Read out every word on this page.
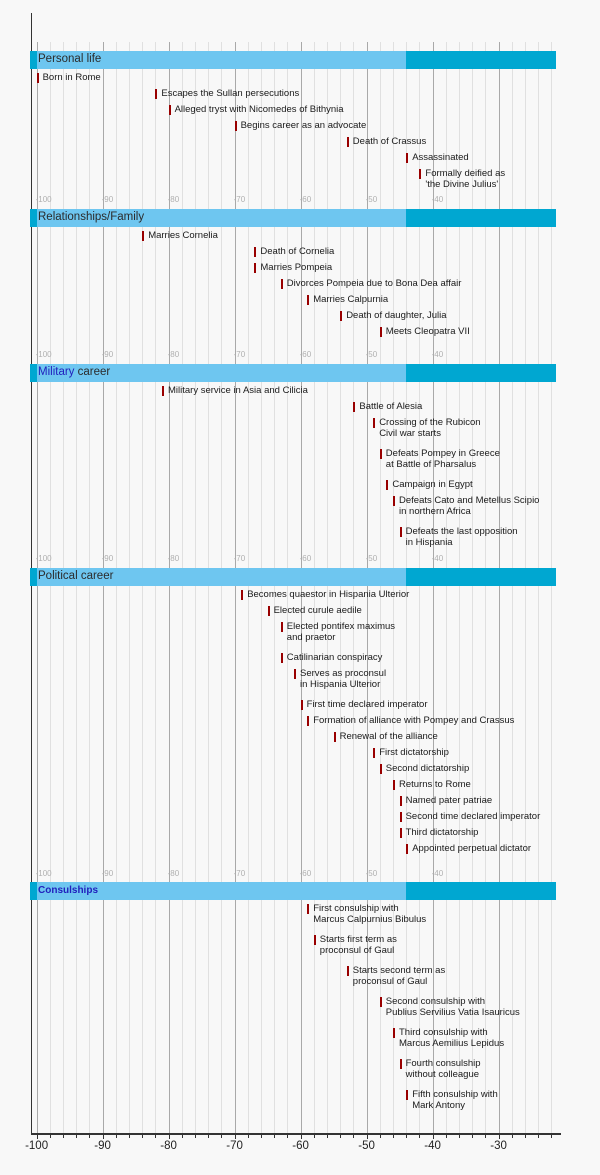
Personal life
Born in Rome
Escapes the Sullan persecutions
Alleged tryst with Nicomedes of Bithynia
Begins career as an advocate
Death of Crassus
Assassinated
Formally deified as
'the Divine Julius'
Relationships/Family
Marries Cornelia
Death of Cornelia
Marries Pompeia
Divorces Pompeia due to Bona Dea affair
Marries Calpurnia
Death of daughter, Julia
Meets Cleopatra VII
Military career
Military service in Asia and Cilicia
Battle of Alesia
Crossing of the Rubicon
Civil war starts
Defeats Pompey in Greece
at Battle of Pharsalus
Campaign in Egypt
Defeats Cato and Metellus Scipio
in northern Africa
Defeats the last opposition
in Hispania
Political career
Becomes quaestor in Hispania Ulterior
Elected curule aedile
Elected pontifex maximus
and praetor
Catilinarian conspiracy
Serves as proconsul
in Hispania Ulterior
First time declared imperator
Formation of alliance with Pompey and Crassus
Renewal of the alliance
First dictatorship
Second dictatorship
Returns to Rome
Named pater patriae
Second time declared imperator
Third dictatorship
Appointed perpetual dictator
Consulships
First consulship with
Marcus Calpurnius Bibulus
Starts first term as
proconsul of Gaul
Starts second term as
proconsul of Gaul
Second consulship with
Publius Servilius Vatia Isauricus
Third consulship with
Marcus Aemilius Lepidus
Fourth consulship
without colleague
Fifth consulship with
Mark Antony
-100	-90	-80	-70	-60	-50	-40
-100	-90	-80	-70	-60	-50	-40
-100	-90	-80	-70	-60	-50	-40
-100	-90	-80	-70	-60	-50	-40
-100	-90	-80	-70	-60	-50	-40	-30
